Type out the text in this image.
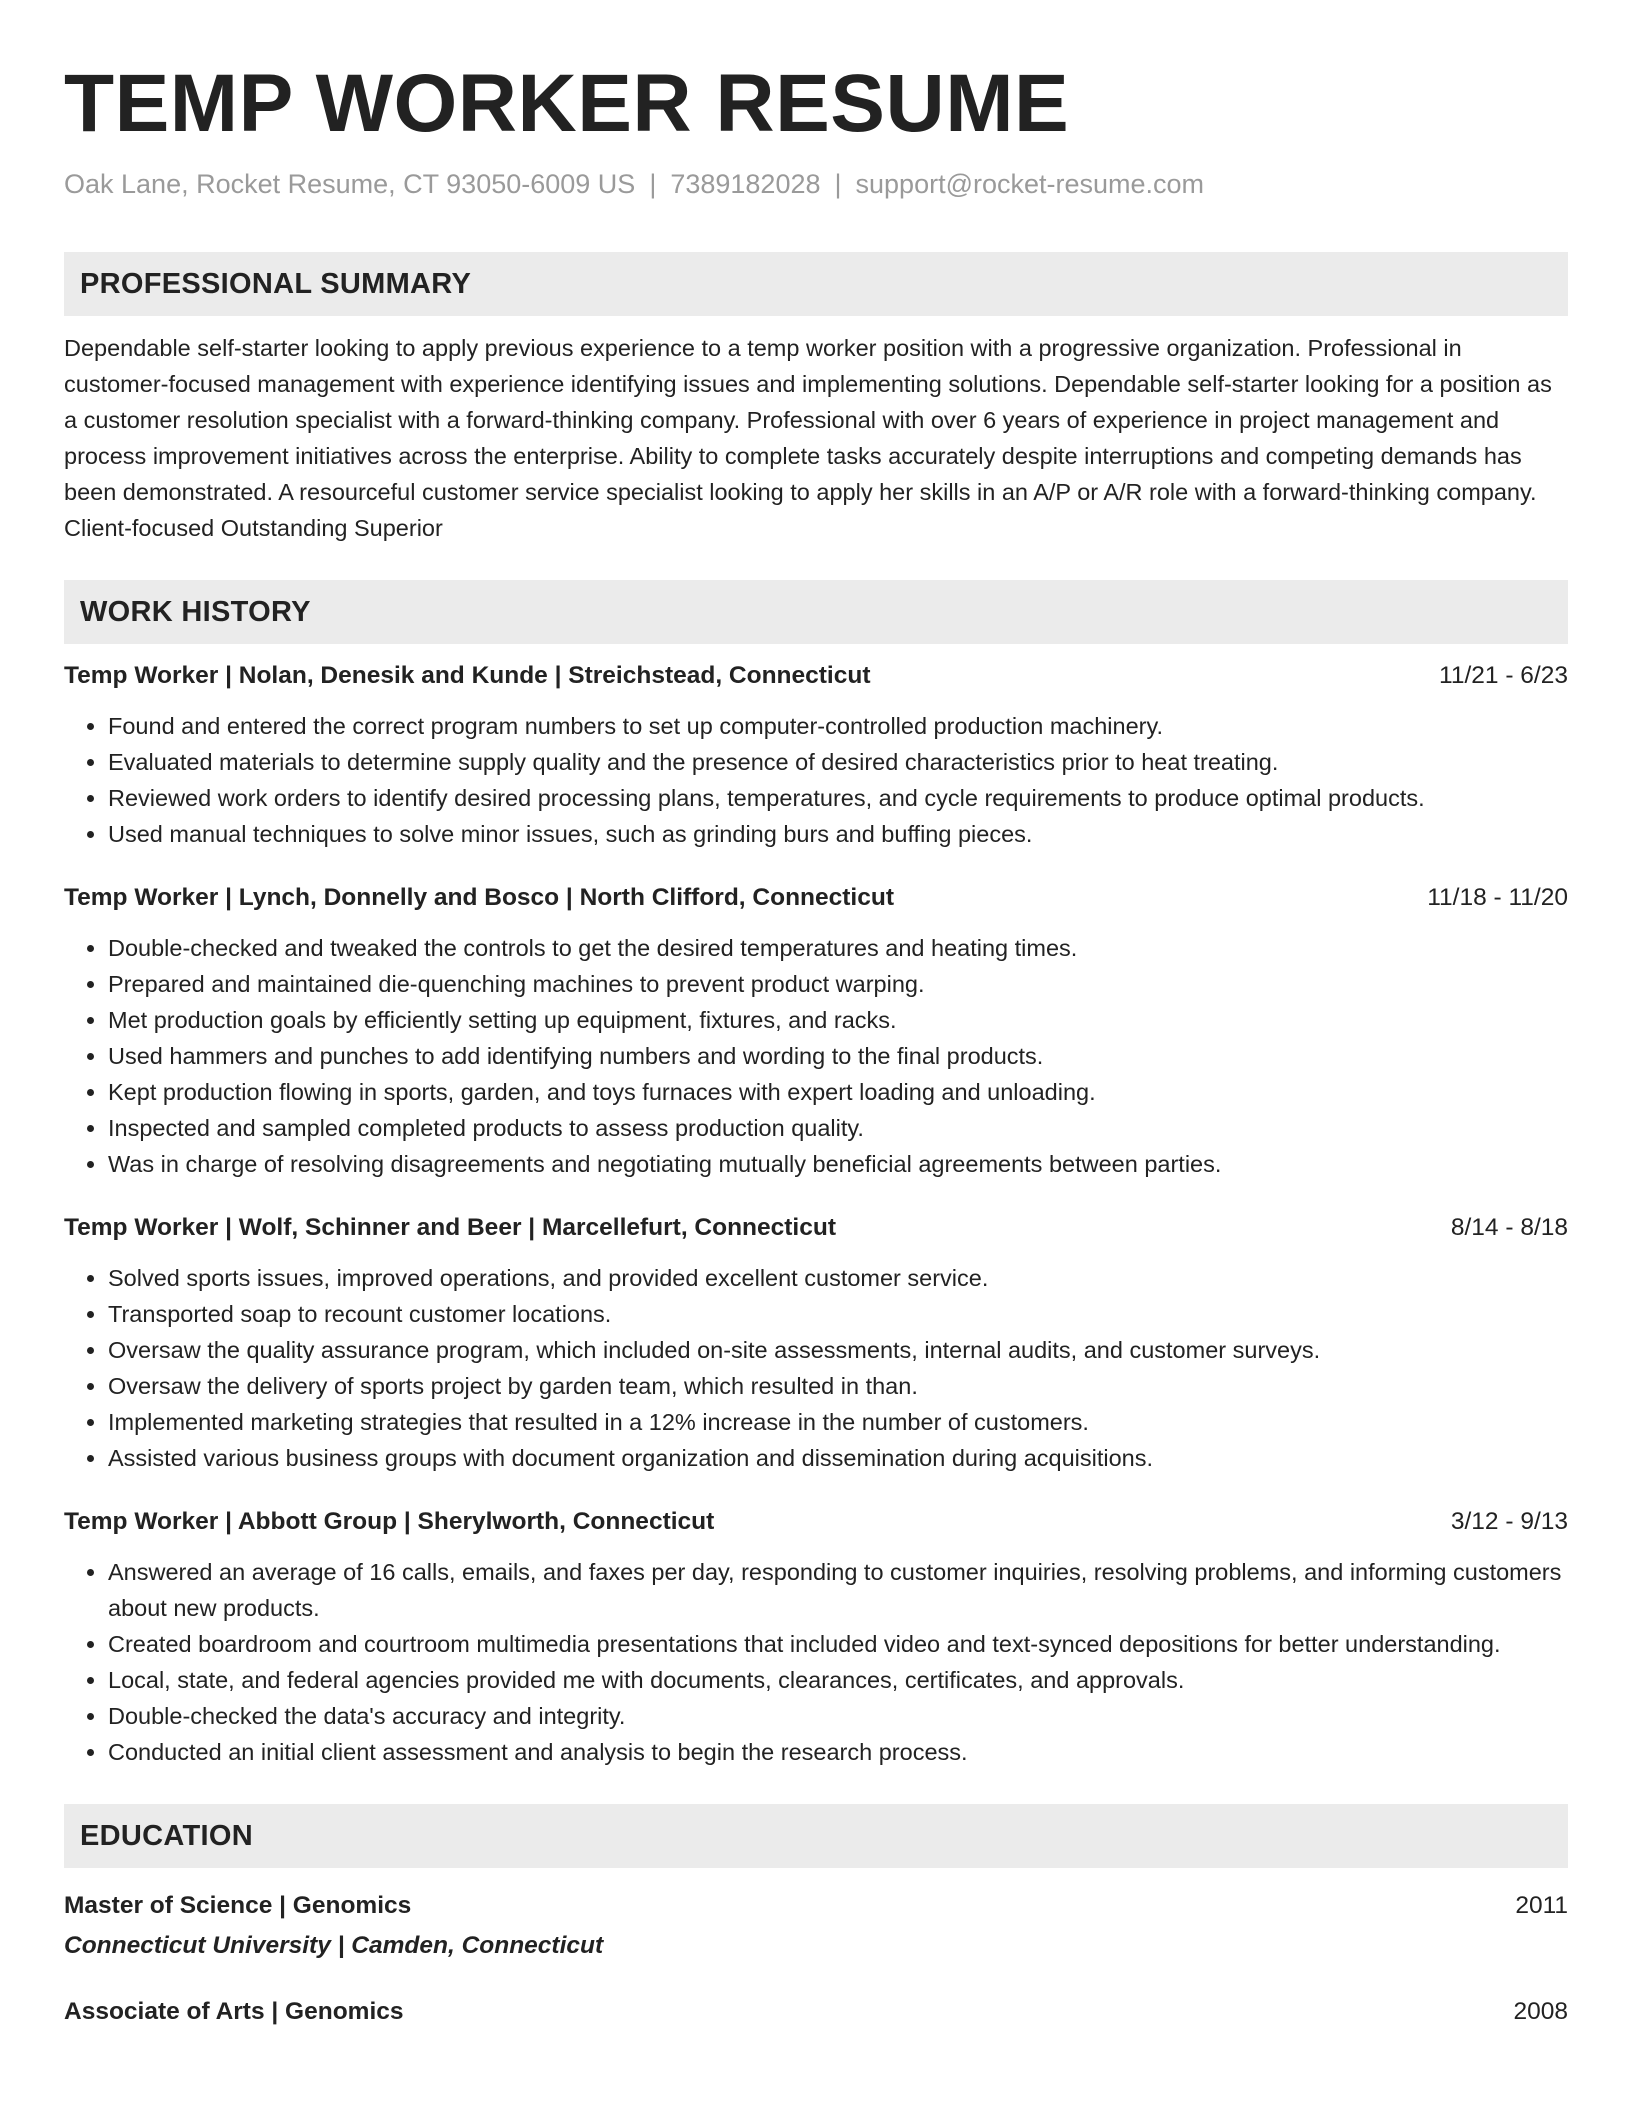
TEMP WORKER RESUME
Oak Lane, Rocket Resume, CT 93050-6009 US | 7389182028 | support@rocket-resume.com
PROFESSIONAL SUMMARY
Dependable self-starter looking to apply previous experience to a temp worker position with a progressive organization. Professional in customer-focused management with experience identifying issues and implementing solutions. Dependable self-starter looking for a position as a customer resolution specialist with a forward-thinking company. Professional with over 6 years of experience in project management and process improvement initiatives across the enterprise. Ability to complete tasks accurately despite interruptions and competing demands has been demonstrated. A resourceful customer service specialist looking to apply her skills in an A/P or A/R role with a forward-thinking company. Client-focused Outstanding Superior
WORK HISTORY
Temp Worker | Nolan, Denesik and Kunde | Streichstead, Connecticut	11/21 - 6/23
• Found and entered the correct program numbers to set up computer-controlled production machinery.
• Evaluated materials to determine supply quality and the presence of desired characteristics prior to heat treating.
• Reviewed work orders to identify desired processing plans, temperatures, and cycle requirements to produce optimal products.
• Used manual techniques to solve minor issues, such as grinding burs and buffing pieces.
Temp Worker | Lynch, Donnelly and Bosco | North Clifford, Connecticut	11/18 - 11/20
• Double-checked and tweaked the controls to get the desired temperatures and heating times.
• Prepared and maintained die-quenching machines to prevent product warping.
• Met production goals by efficiently setting up equipment, fixtures, and racks.
• Used hammers and punches to add identifying numbers and wording to the final products.
• Kept production flowing in sports, garden, and toys furnaces with expert loading and unloading.
• Inspected and sampled completed products to assess production quality.
• Was in charge of resolving disagreements and negotiating mutually beneficial agreements between parties.
Temp Worker | Wolf, Schinner and Beer | Marcellefurt, Connecticut	8/14 - 8/18
• Solved sports issues, improved operations, and provided excellent customer service.
• Transported soap to recount customer locations.
• Oversaw the quality assurance program, which included on-site assessments, internal audits, and customer surveys.
• Oversaw the delivery of sports project by garden team, which resulted in than.
• Implemented marketing strategies that resulted in a 12% increase in the number of customers.
• Assisted various business groups with document organization and dissemination during acquisitions.
Temp Worker | Abbott Group | Sherylworth, Connecticut	3/12 - 9/13
• Answered an average of 16 calls, emails, and faxes per day, responding to customer inquiries, resolving problems, and informing customers about new products.
• Created boardroom and courtroom multimedia presentations that included video and text-synced depositions for better understanding.
• Local, state, and federal agencies provided me with documents, clearances, certificates, and approvals.
• Double-checked the data's accuracy and integrity.
• Conducted an initial client assessment and analysis to begin the research process.
EDUCATION
Master of Science | Genomics	2011
Connecticut University | Camden, Connecticut
Associate of Arts | Genomics	2008
